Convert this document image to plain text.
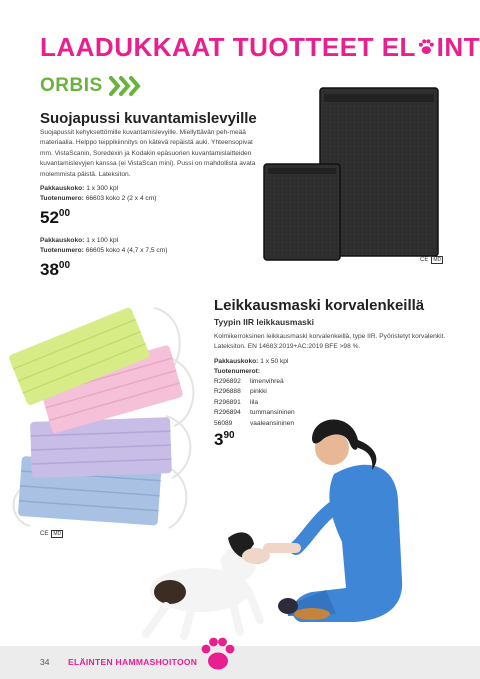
LAADUKKAAT TUOTTEET EL INT
ORBIS
Suojapussi kuvantamislevyille
Suojapussit kehyksettömille kuvantamislevyille. Miellyttävän peh-meää materiaalia. Helppo teippikiinnitys on kätevä repäistä auki. Yhteensopivat mm. VistaScanin, Soredexin ja Kodakin epäsuorien kuvantamislaitteiden kuvantamislevyjen kanssa (ei VistaScan mini). Pussi on mahdollista avata molemmista päistä. Lateksiton.
Pakkauskoko: 1 x 300 kpl
Tuotenumero: 66603 koko 2 (2 x 4 cm)
$52^{00}$
Pakkauskoko: 1 x 100 kpl
Tuotenumero: 66605 koko 4 (4,7 x 7,5 cm)
$38^{00}$	CE	MD
Leikkausmaski korvalenkeillä
Tyypin IIR leikkausmaski
Kolmikerroksinen leikkausmaski korvalenkeillä, type IIR. Pyöristetyt korvalenkit. Lateksiton. EN 14683:2019+AC:2019 BFE >98 %.
Pakkauskoko: 1 x 50 kpl
Tuotenumerot:
R296892 limenvihreä
R296888 pinkki
R296891 lila
R296894 tummansininen
56089	vaaleansininen
$3^{90}$
CE	MD
34 ELÄINTEN HAMMASHOITOON
